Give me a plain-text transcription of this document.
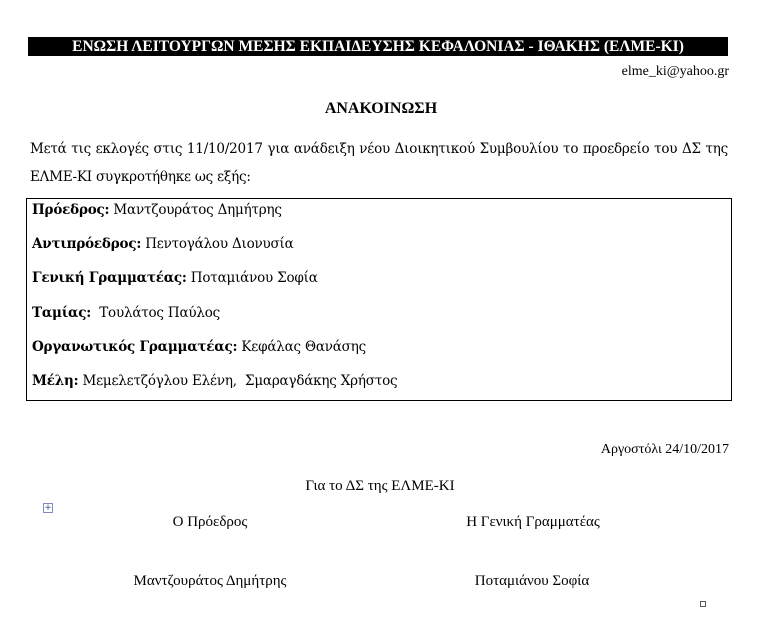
ΕΝΩΣΗ ΛΕΙΤΟΥΡΓΩΝ ΜΕΣΗΣ ΕΚΠΑΙΔΕΥΣΗΣ ΚΕΦΑΛΟΝΙΑΣ - ΙΘΑΚΗΣ (ΕΛΜΕ-ΚΙ)
elme_ki@yahoo.gr
ΑΝΑΚΟΙΝΩΣΗ
Μετά τις εκλογές στις 11/10/2017 για ανάδειξη νέου Διοικητικού Συμβουλίου το προεδρείο του ΔΣ της
ΕΛΜΕ-ΚΙ συγκροτήθηκε ως εξής:
Πρόεδρος: Μαντζουράτος Δημήτρης
Αντιπρόεδρος: Πεντογάλου Διονυσία
Γενική Γραμματέας: Ποταμιάνου Σοφία
Ταμίας:  Τουλάτος Παύλος
Οργανωτικός Γραμματέας: Κεφάλας Θανάσης
Μέλη: Μεμελετζόγλου Ελένη,  Σμαραγδάκης Χρήστος
Αργοστόλι 24/10/2017
Για το ΔΣ της ΕΛΜΕ-ΚΙ
+
Ο Πρόεδρος	Η Γενική Γραμματέας
Μαντζουράτος Δημήτρης	Ποταμιάνου Σοφία
